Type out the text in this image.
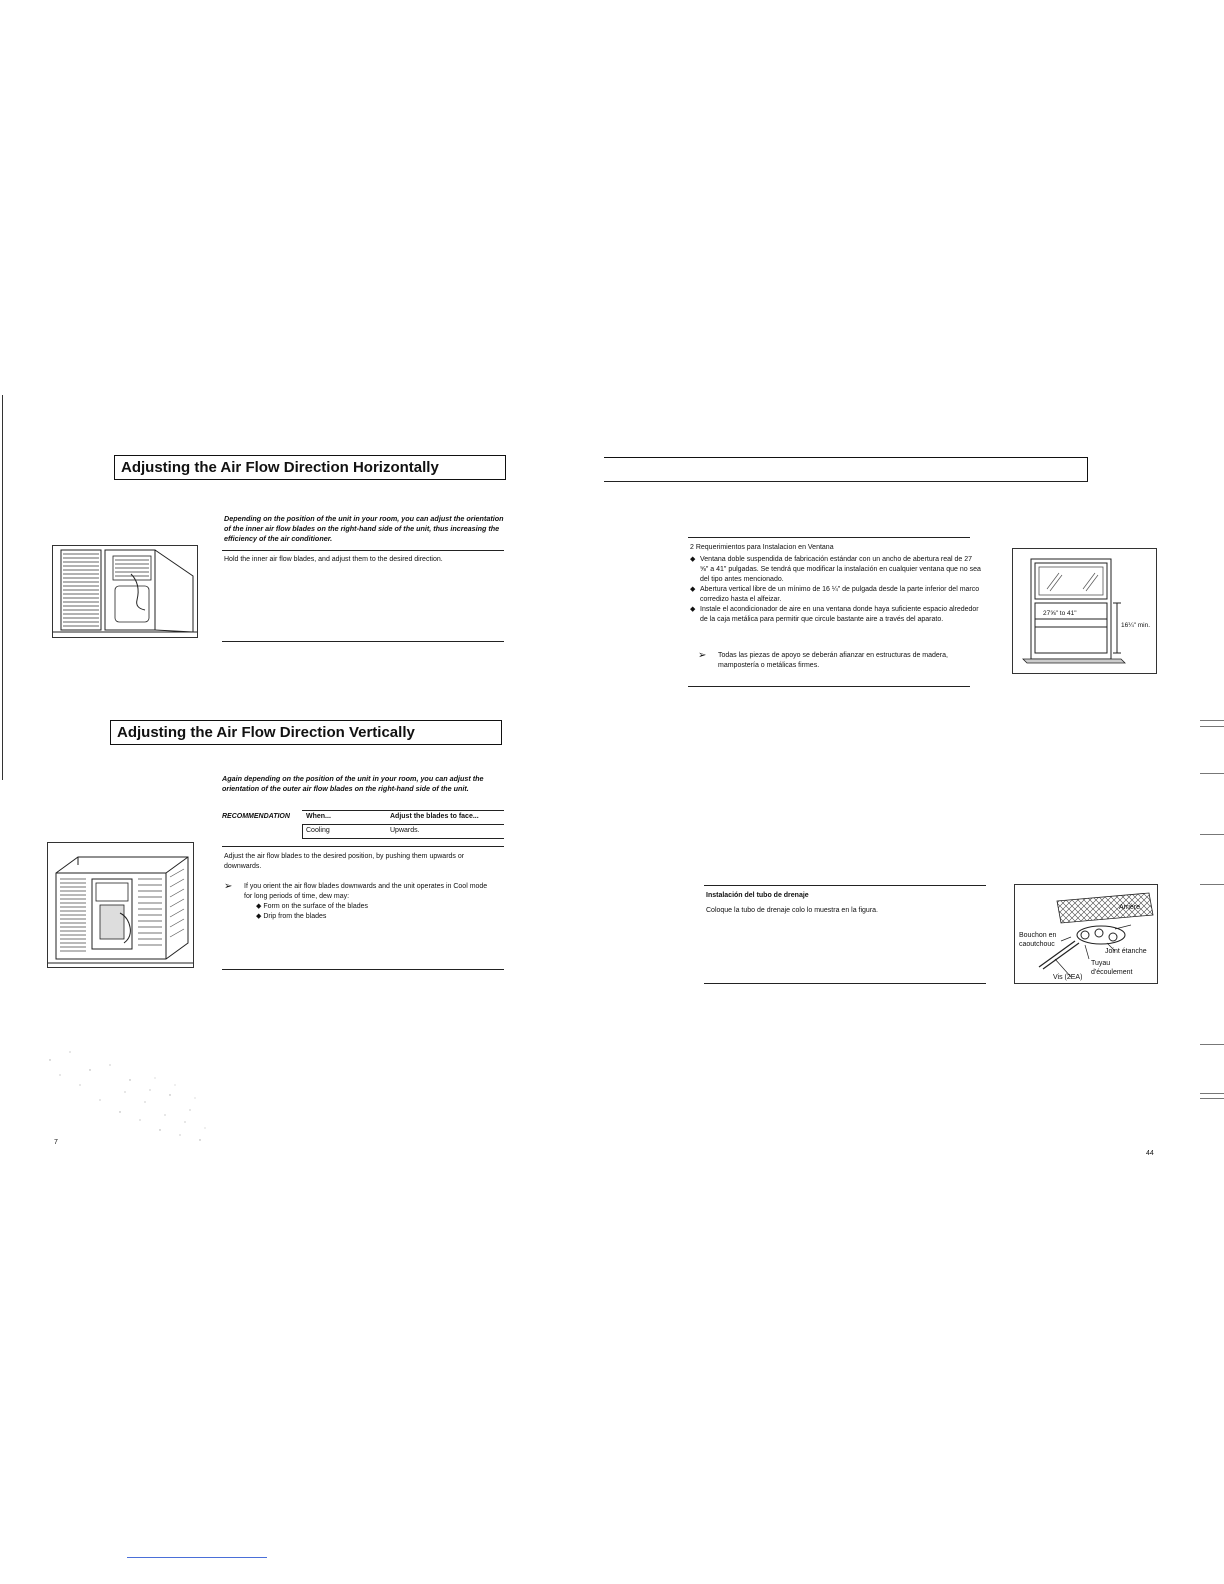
Adjusting the Air Flow Direction Horizontally
Depending on the position of the unit in your room, you can adjust the orientation of the inner air flow blades on the right-hand side of the unit, thus increasing the efficiency of the air conditioner.
Hold the inner air flow blades, and adjust them to the desired direction.
Adjusting the Air Flow Direction Vertically
Again depending on the position of the unit in your room, you can adjust the orientation of the outer air flow blades on the right-hand side of the unit.
RECOMMENDATION When...	Adjust the blades to face...
Cooling	Upwards.
Adjust the air flow blades to the desired position, by pushing them upwards or downwards.
➢ If you orient the air flow blades downwards and the unit operates in Cool mode for long periods of time, dew may:
◆ Form on the surface of the blades
◆ Drip from the blades
7
2 Requerimientos para Instalacion en Ventana
◆ Ventana doble suspendida de fabricación estándar con un ancho de abertura real de 27 ⅝" a 41" pulgadas. Se tendrá que modificar la instalación en cualquier ventana que no sea del tipo antes mencionado.
◆ Abertura vertical libre de un mínimo de 16 ¼" de pulgada desde la parte inferior del marco corredizo hasta el alfeizar.
◆ Instale el acondicionador de aire en una ventana donde haya suficiente espacio alrededor de la caja metálica para permitir que circule bastante aire a través del aparato.
➢ Todas las piezas de apoyo se deberán afianzar en estructuras de madera, mampostería o metálicas firmes.
27⅝" to 41"
16¼" min.
Instalación del tubo de drenaje
Coloque la tubo de drenaje colo lo muestra en la figura.	Arrière
Bouchon en caoutchouc
Joint étanche
Tuyau d'écoulement
Vis (2EA)
44
